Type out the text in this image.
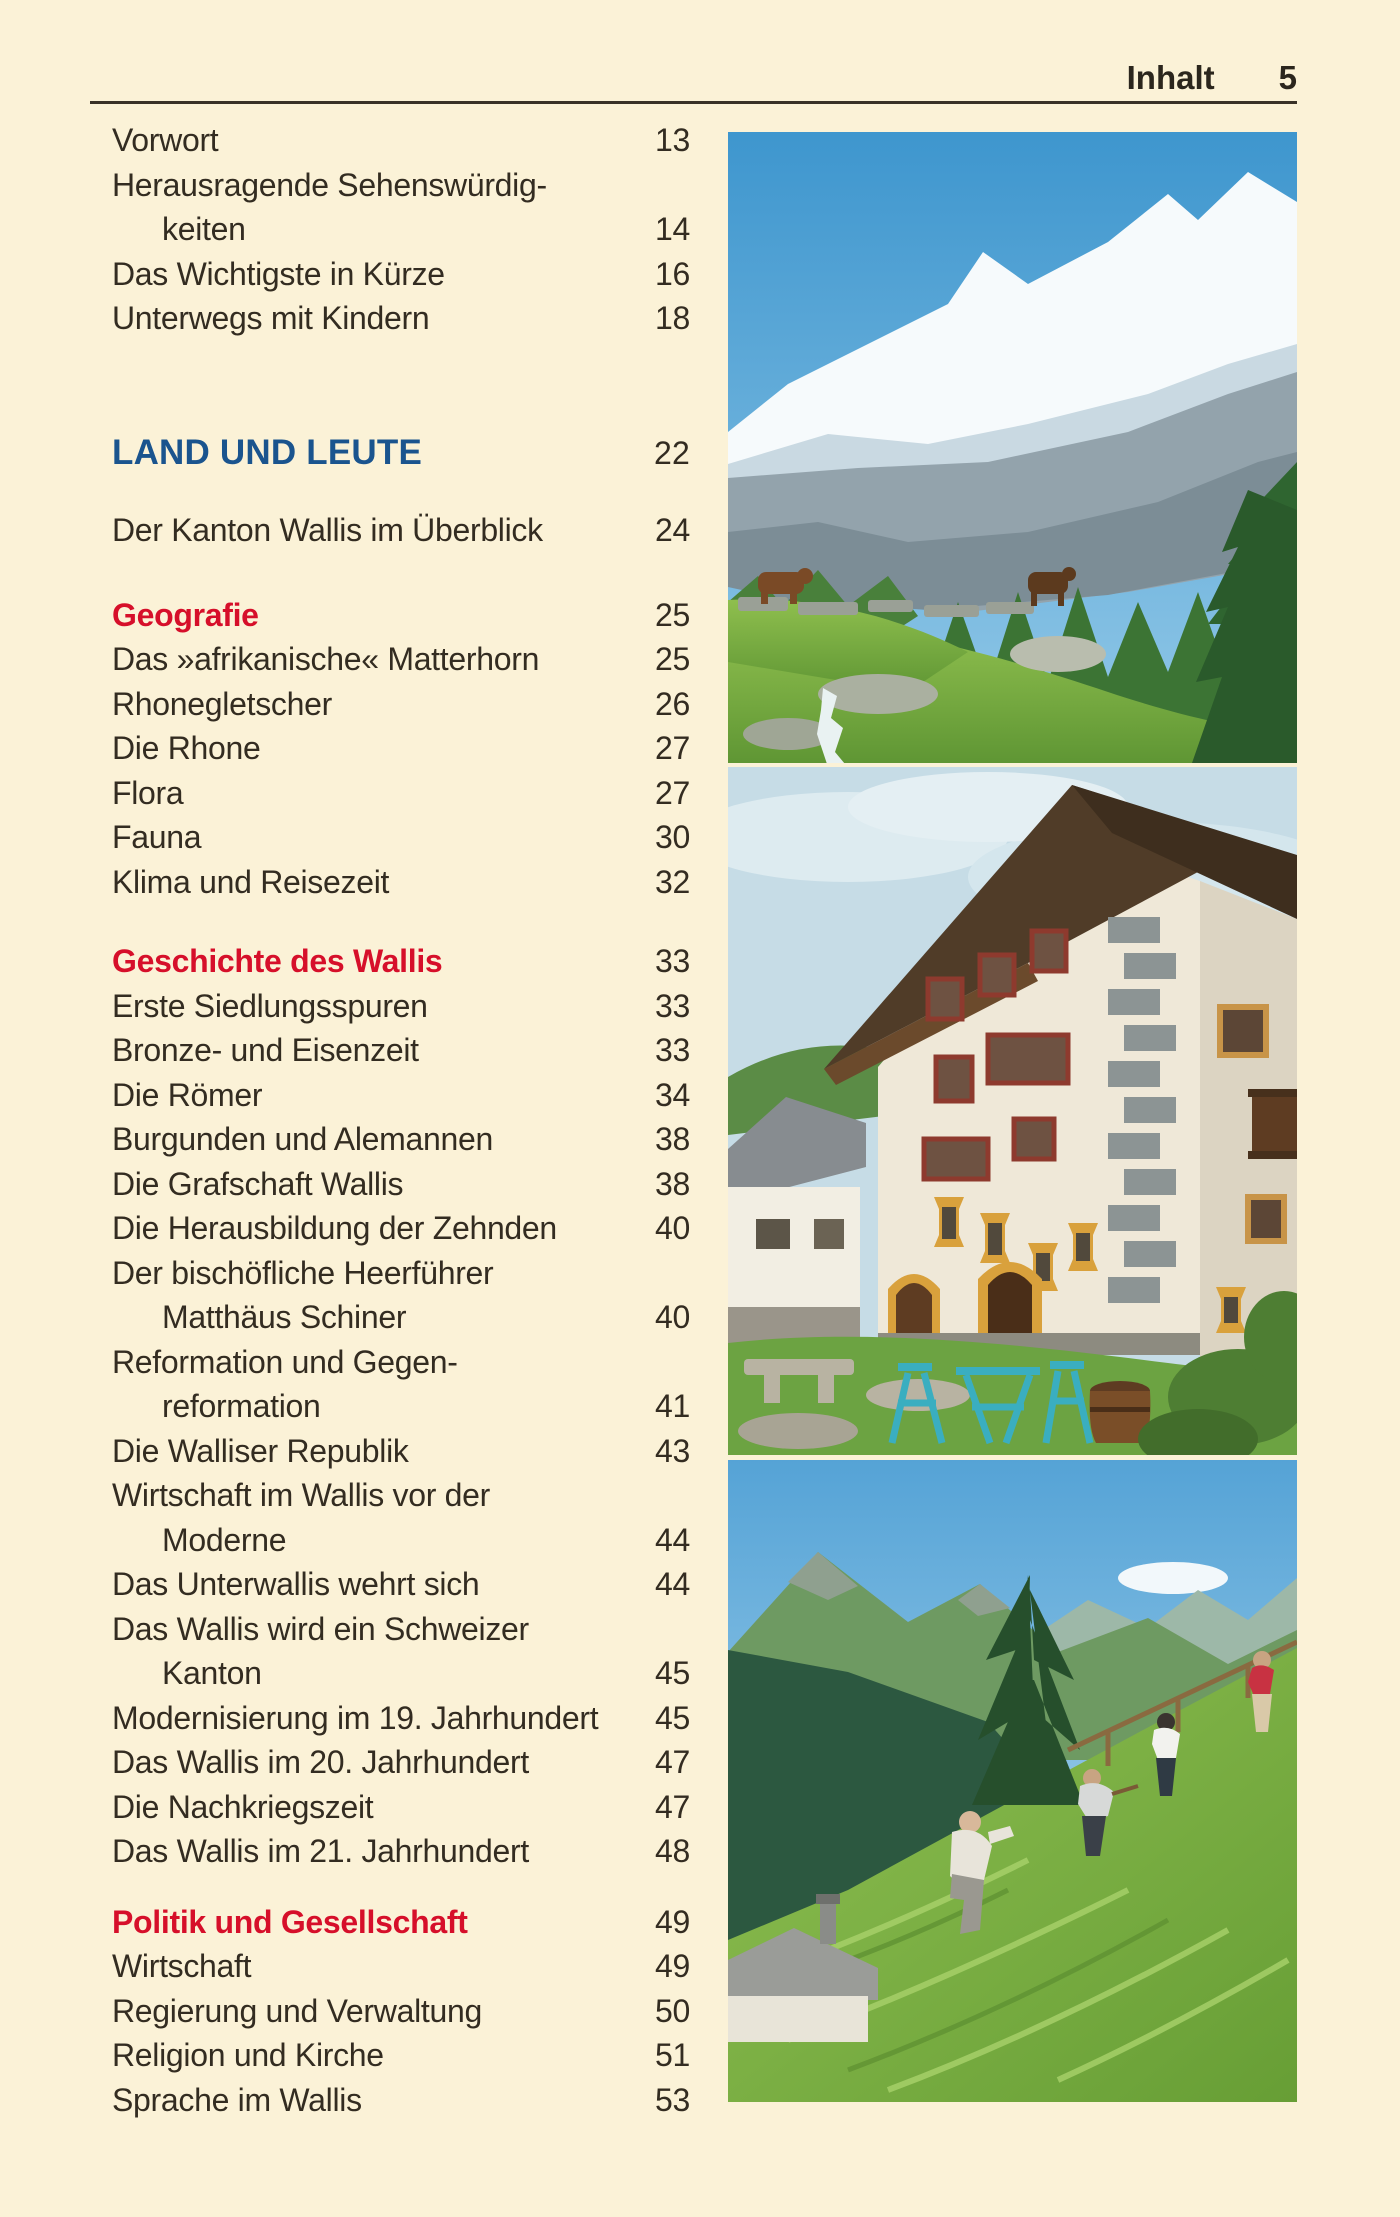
Inhalt 5
Vorwort	13
Herausragende Sehenswürdig-
keiten	14
Das Wichtigste in Kürze	16
Unterwegs mit Kindern	18
LAND UND LEUTE	22
Der Kanton Wallis im Überblick	24
Geografie	25
Das »afrikanische« Matterhorn	25
Rhonegletscher	26
Die Rhone	27
Flora	27
Fauna	30
Klima und Reisezeit	32
Geschichte des Wallis	33
Erste Siedlungsspuren	33
Bronze- und Eisenzeit	33
Die Römer	34
Burgunden und Alemannen	38
Die Grafschaft Wallis	38
Die Herausbildung der Zehnden	40
Der bischöfliche Heerführer
Matthäus Schiner	40
Reformation und Gegen-
reformation	41
Die Walliser Republik	43
Wirtschaft im Wallis vor der
Moderne	44
Das Unterwallis wehrt sich	44
Das Wallis wird ein Schweizer
Kanton	45
Modernisierung im 19. Jahrhundert	45
Das Wallis im 20. Jahrhundert	47
Die Nachkriegszeit	47
Das Wallis im 21. Jahrhundert	48
Politik und Gesellschaft	49
Wirtschaft	49
Regierung und Verwaltung	50
Religion und Kirche	51
Sprache im Wallis	53
